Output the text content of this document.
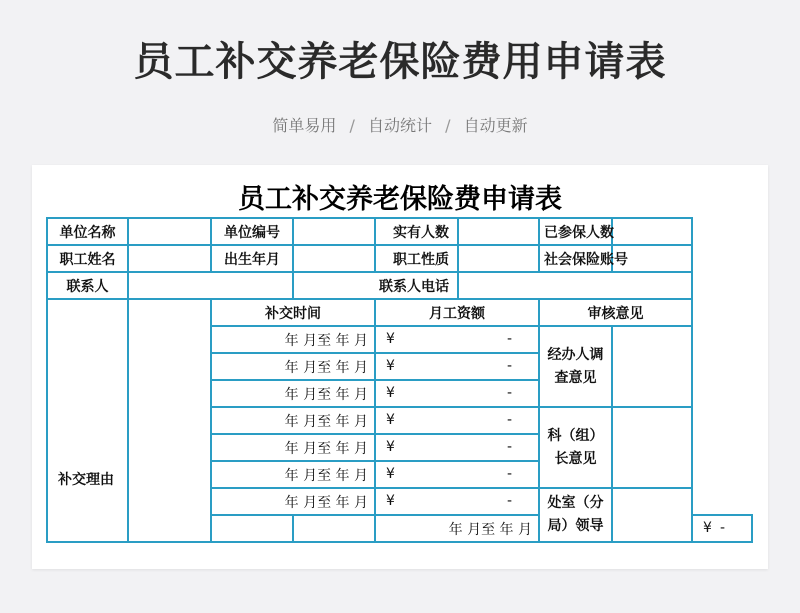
员工补交养老保险费用申请表
简单易用 / 自动统计 / 自动更新
员工补交养老保险费申请表
单位名称		单位编号		实有人数		已参保人数		
职工姓名		出生年月		职工性质		社会保险账号		
联系人			联系人电话					
补交理由		补交时间		月工资额		审核意见		
		年 月至 年 月		¥ -		经办人调查意见		
		年 月至 年 月		¥ -				

		年 月至 年 月		¥ -				

		年 月至 年 月		¥ -		科（组）长意见		
		年 月至 年 月		¥ -				

		年 月至 年 月		¥ -				

		年 月至 年 月		¥ -		处室（分局）领导		
				年 月至 年 月				¥ -
